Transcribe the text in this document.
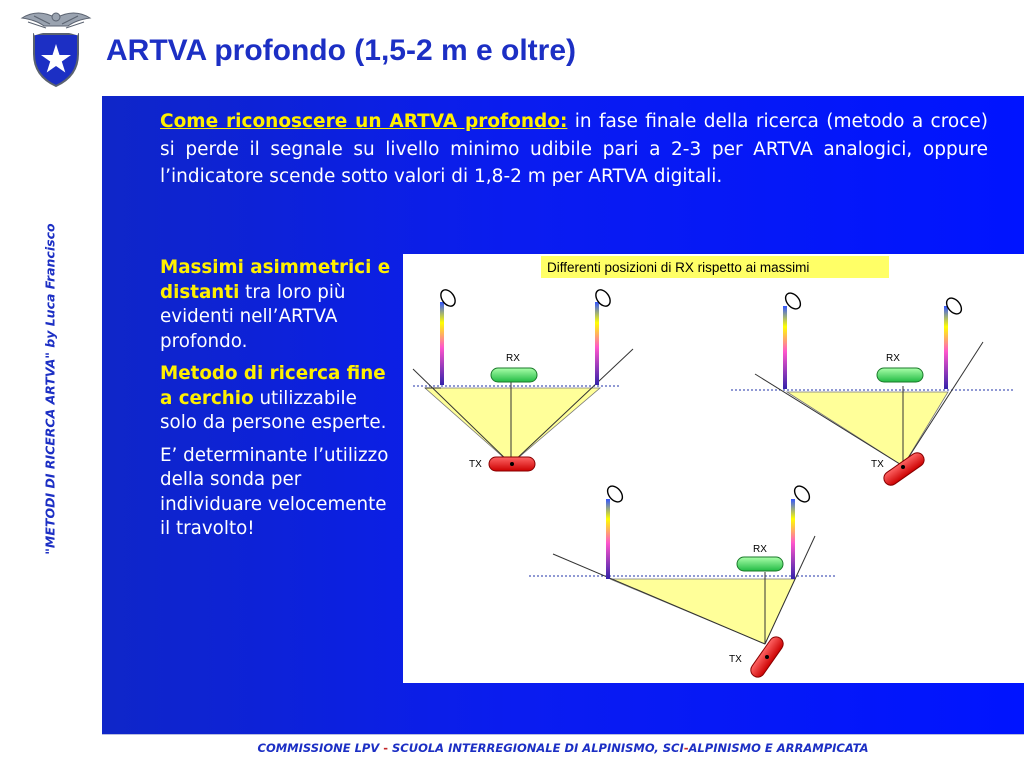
ARTVA profondo (1,5-2 m e oltre)
"METODI DI RICERCA ARTVA" by Luca Francisco
Come riconoscere un ARTVA profondo: in fase finale della ricerca (metodo a croce) si perde il segnale su livello minimo udibile pari a 2-3 per ARTVA analogici, oppure l’indicatore scende sotto valori di 1,8-2 m per ARTVA digitali.

Massimi asimmetrici e distanti tra loro più evidenti nell’ARTVA profondo.

Metodo di ricerca fine a cerchio utilizzabile solo da persone esperte.

E’ determinante l’utilizzo della sonda per individuare velocemente il travolto!

Differenti posizioni di RX rispetto ai massimi
RX
TX
RX
TX
RX
TX
COMMISSIONE LPV - SCUOLA INTERREGIONALE DI ALPINISMO, SCI-ALPINISMO E ARRAMPICATA
